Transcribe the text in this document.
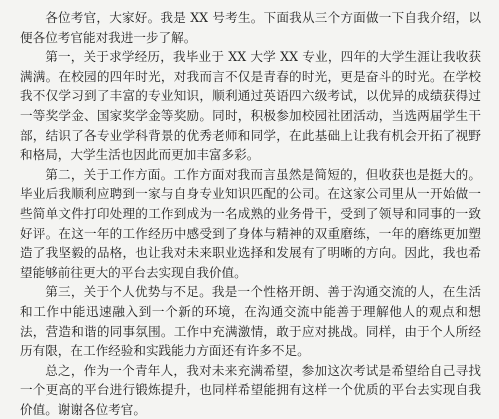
各位考官，大家好。我是 XX 号考生。下面我从三个方面做一下自我介绍，以便各位考官能对我进一步了解。

第一，关于求学经历，我毕业于 XX 大学 XX 专业，四年的大学生涯让我收获满满。在校园的四年时光，对我而言不仅是青春的时光，更是奋斗的时光。在学校我不仅学习到了丰富的专业知识，顺利通过英语四六级考试，以优异的成绩获得过一等奖学金、国家奖学金等奖励。同时，积极参加校园社团活动，当选两届学生干部，结识了各专业学科背景的优秀老师和同学，在此基础上让我有机会开拓了视野和格局，大学生活也因此而更加丰富多彩。

第二，关于工作方面。工作方面对我而言虽然是简短的，但收获也是挺大的。毕业后我顺利应聘到一家与自身专业知识匹配的公司。在这家公司里从一开始做一些简单文件打印处理的工作到成为一名成熟的业务骨干，受到了领导和同事的一致好评。在这一年的工作经历中感受到了身体与精神的双重磨练，一年的磨练更加塑造了我坚毅的品格，也让我对未来职业选择和发展有了明晰的方向。因此，我也希望能够前往更大的平台去实现自我价值。

第三，关于个人优势与不足。我是一个性格开朗、善于沟通交流的人，在生活和工作中能迅速融入到一个新的环境，在沟通交流中能善于理解他人的观点和想法，营造和谐的同事氛围。工作中充满激情，敢于应对挑战。同样，由于个人所经历有限，在工作经验和实践能力方面还有许多不足。

总之，作为一个青年人，我对未来充满希望，参加这次考试是希望给自己寻找一个更高的平台进行锻炼提升，也同样希望能拥有这样一个优质的平台去实现自我价值。谢谢各位考官。
